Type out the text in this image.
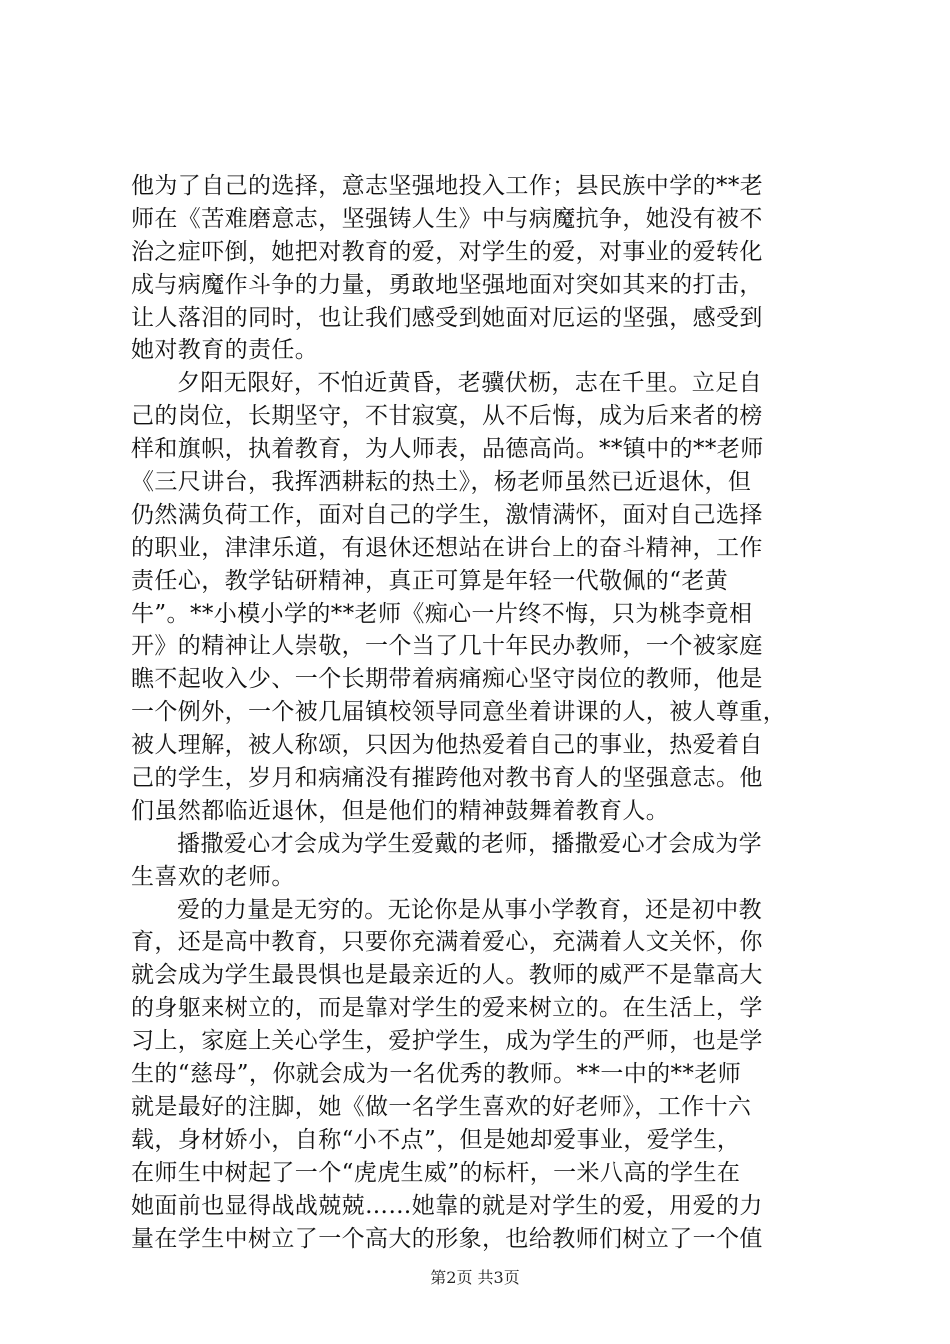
他为了自己的选择，意志坚强地投入工作；县民族中学的**老
师在《苦难磨意志，坚强铸人生》中与病魔抗争，她没有被不
治之症吓倒，她把对教育的爱，对学生的爱，对事业的爱转化
成与病魔作斗争的力量，勇敢地坚强地面对突如其来的打击，
让人落泪的同时，也让我们感受到她面对厄运的坚强，感受到
她对教育的责任。
夕阳无限好，不怕近黄昏，老骥伏枥，志在千里。立足自
己的岗位，长期坚守，不甘寂寞，从不后悔，成为后来者的榜
样和旗帜，执着教育，为人师表，品德高尚。**镇中的**老师
《三尺讲台，我挥洒耕耘的热土》，杨老师虽然已近退休，但
仍然满负荷工作，面对自己的学生，激情满怀，面对自己选择
的职业，津津乐道，有退休还想站在讲台上的奋斗精神，工作
责任心，教学钻研精神，真正可算是年轻一代敬佩的“老黄
牛”。**小模小学的**老师《痴心一片终不悔，只为桃李竟相
开》的精神让人崇敬，一个当了几十年民办教师，一个被家庭
瞧不起收入少、一个长期带着病痛痴心坚守岗位的教师，他是
一个例外，一个被几届镇校领导同意坐着讲课的人，被人尊重，
被人理解，被人称颂，只因为他热爱着自己的事业，热爱着自
己的学生，岁月和病痛没有摧跨他对教书育人的坚强意志。他
们虽然都临近退休，但是他们的精神鼓舞着教育人。
播撒爱心才会成为学生爱戴的老师，播撒爱心才会成为学
生喜欢的老师。
爱的力量是无穷的。无论你是从事小学教育，还是初中教
育，还是高中教育，只要你充满着爱心，充满着人文关怀，你
就会成为学生最畏惧也是最亲近的人。教师的威严不是靠高大
的身躯来树立的，而是靠对学生的爱来树立的。在生活上，学
习上，家庭上关心学生，爱护学生，成为学生的严师，也是学
生的“慈母”，你就会成为一名优秀的教师。**一中的**老师
就是最好的注脚，她《做一名学生喜欢的好老师》，工作十六
载，身材娇小，自称“小不点”，但是她却爱事业，爱学生，
在师生中树起了一个“虎虎生威”的标杆，一米八高的学生在
她面前也显得战战兢兢……她靠的就是对学生的爱，用爱的力
量在学生中树立了一个高大的形象，也给教师们树立了一个值
第2页 共3页
